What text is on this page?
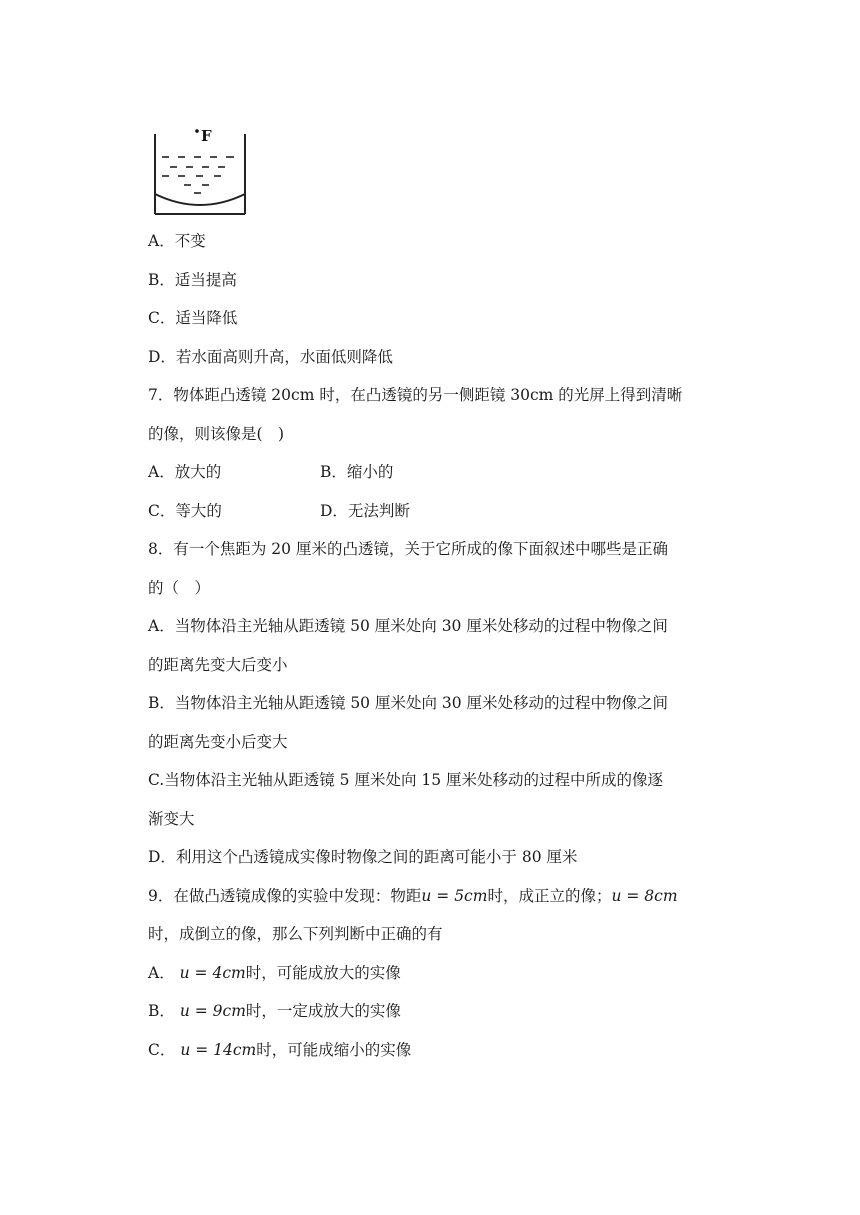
F
A．不变
B．适当提高
C．适当降低
D．若水面高则升高，水面低则降低
7．物体距凸透镜 20cm 时，在凸透镜的另一侧距镜 30cm 的光屏上得到清晰
的像，则该像是(　)
A．放大的	B．缩小的
C．等大的	D．无法判断
8．有一个焦距为 20 厘米的凸透镜，关于它所成的像下面叙述中哪些是正确
的（　）
A．当物体沿主光轴从距透镜 50 厘米处向 30 厘米处移动的过程中物像之间
的距离先变大后变小
B．当物体沿主光轴从距透镜 50 厘米处向 30 厘米处移动的过程中物像之间
的距离先变小后变大
C.当物体沿主光轴从距透镜 5 厘米处向 15 厘米处移动的过程中所成的像逐
渐变大
D．利用这个凸透镜成实像时物像之间的距离可能小于 80 厘米
9．在做凸透镜成像的实验中发现：物距u = 5cm时，成正立的像；u = 8cm
时，成倒立的像，那么下列判断中正确的有
A． u = 4cm时，可能成放大的实像
B． u = 9cm时，一定成放大的实像
C． u = 14cm时，可能成缩小的实像
